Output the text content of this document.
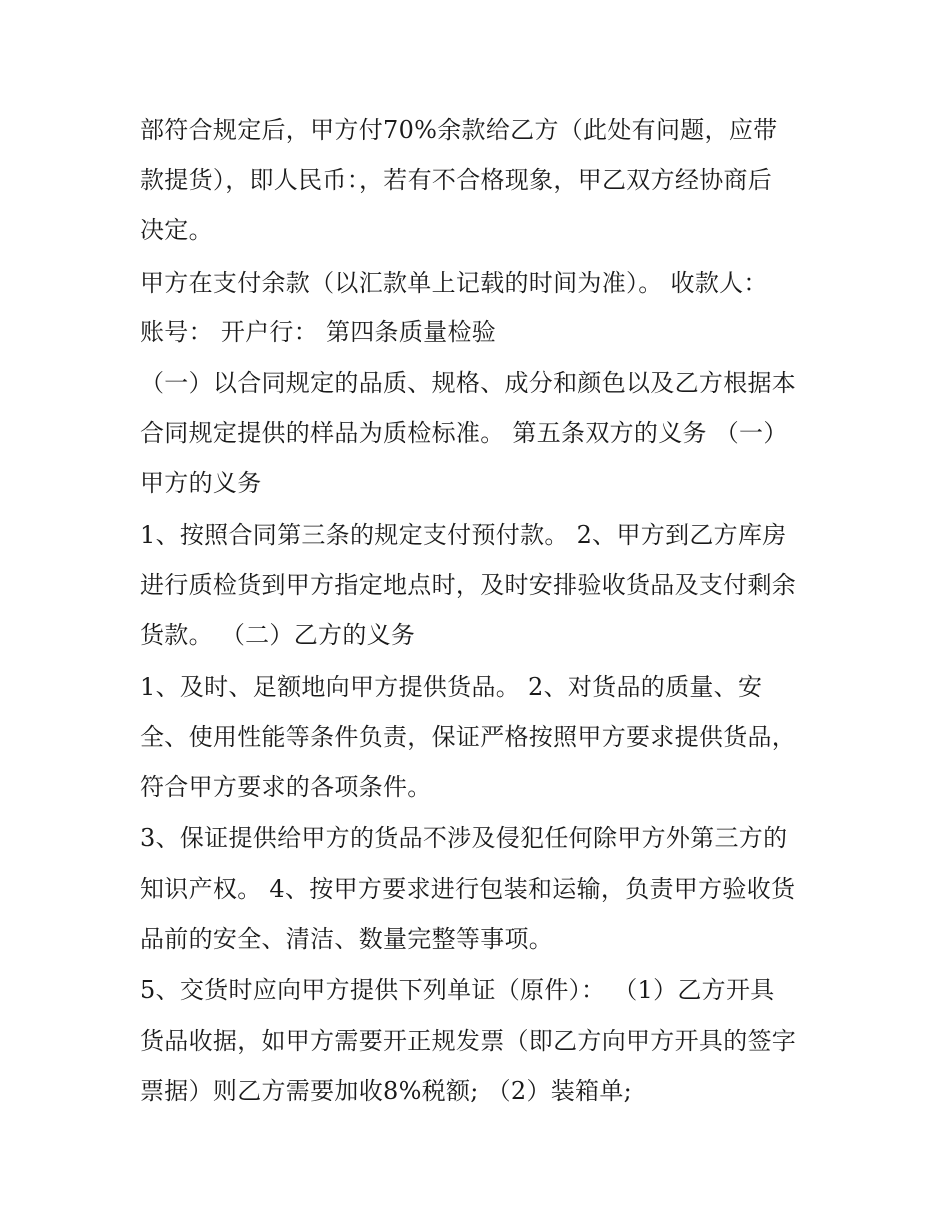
部符合规定后，甲方付70%余款给乙方（此处有问题，应带
款提货），即人民币：，若有不合格现象，甲乙双方经协商后
决定。
甲方在支付余款（以汇款单上记载的时间为准）。 收款人：
账号： 开户行： 第四条质量检验
（一）以合同规定的品质、规格、成分和颜色以及乙方根据本
合同规定提供的样品为质检标准。 第五条双方的义务 （一）
甲方的义务
1、按照合同第三条的规定支付预付款。 2、甲方到乙方库房
进行质检货到甲方指定地点时，及时安排验收货品及支付剩余
货款。 （二）乙方的义务
1、及时、足额地向甲方提供货品。 2、对货品的质量、安
全、使用性能等条件负责，保证严格按照甲方要求提供货品，
符合甲方要求的各项条件。
3、保证提供给甲方的货品不涉及侵犯任何除甲方外第三方的
知识产权。 4、按甲方要求进行包装和运输，负责甲方验收货
品前的安全、清洁、数量完整等事项。
5、交货时应向甲方提供下列单证（原件）： （1）乙方开具
货品收据，如甲方需要开正规发票（即乙方向甲方开具的签字
票据）则乙方需要加收8%税额; （2）装箱单;
